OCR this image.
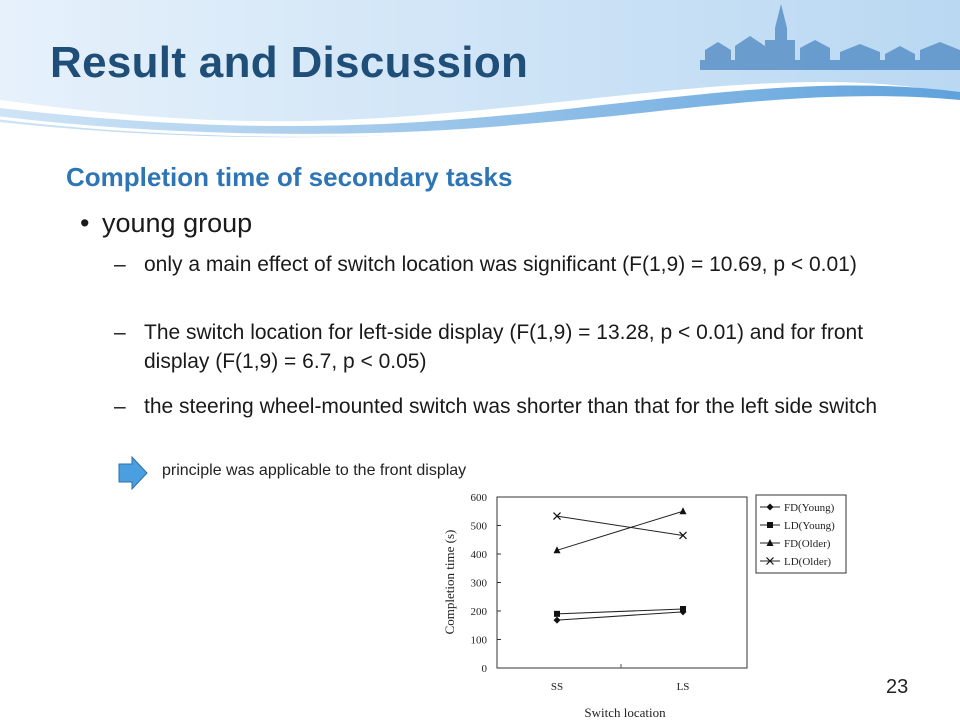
Result and Discussion
Completion time of secondary tasks
• young group
– only a main effect of switch location was significant (F(1,9) = 10.69, p < 0.01)
– The switch location for left-side display (F(1,9) = 13.28, p < 0.01) and for front display (F(1,9) = 6.7, p < 0.05)
– the steering wheel-mounted switch was shorter than that for the left side switch
principle was applicable to the front display
0
100
200
300
400
500
600
SS	LS
Switch location
Completion time (s)
FD(Young)
LD(Young)
FD(Older)
LD(Older)
23
